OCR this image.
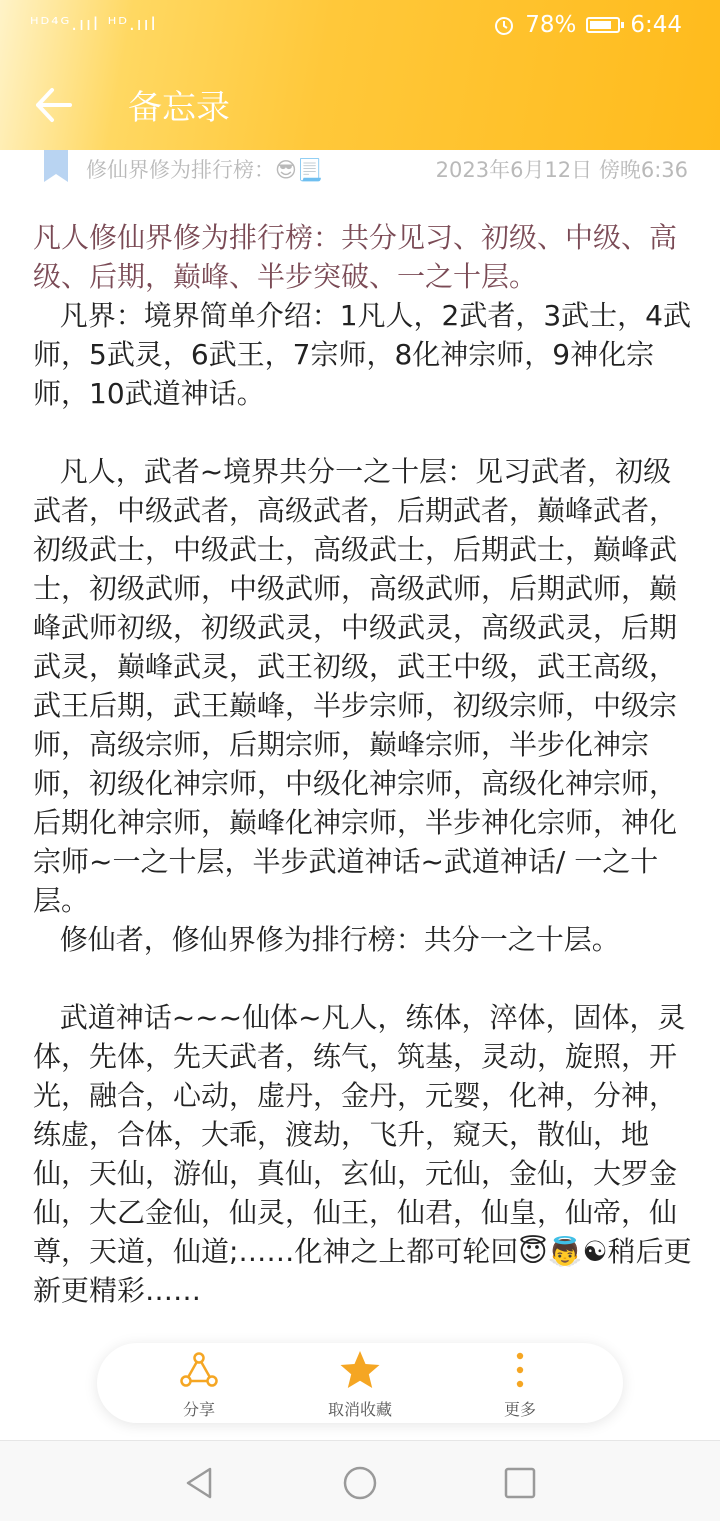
ᴴᴰ⁴ᴳ.ııl ᴴᴰ.ııl	78% 6:44
备忘录
修仙界修为排行榜：😎📃	2023年6月12日 傍晚6:36

凡人修仙界修为排行榜：共分见习、初级、中级、高级、后期，巅峰、半步突破、一之十层。

凡界：境界简单介绍：1凡人，2武者，3武士，4武师，5武灵，6武王，7宗师，8化神宗师，9神化宗师，10武道神话。

凡人，武者~境界共分一之十层：见习武者，初级武者，中级武者，高级武者，后期武者，巅峰武者，初级武士，中级武士，高级武士，后期武士，巅峰武士，初级武师，中级武师，高级武师，后期武师，巅峰武师初级，初级武灵，中级武灵，高级武灵，后期武灵，巅峰武灵，武王初级，武王中级，武王高级，武王后期，武王巅峰，半步宗师，初级宗师，中级宗师，高级宗师，后期宗师，巅峰宗师，半步化神宗师，初级化神宗师，中级化神宗师，高级化神宗师，后期化神宗师，巅峰化神宗师，半步神化宗师，神化宗师~一之十层，半步武道神话~武道神话/ 一之十层。

修仙者，修仙界修为排行榜：共分一之十层。

武道神话~~~仙体~凡人，练体，淬体，固体，灵体，先体，先天武者，练气，筑基，灵动，旋照，开光，融合，心动，虚丹，金丹，元婴，化神，分神，练虚，合体，大乖，渡劫，飞升，窥天，散仙，地仙，天仙，游仙，真仙，玄仙，元仙，金仙，大罗金仙，大乙金仙，仙灵，仙王，仙君，仙皇，仙帝，仙尊，天道，仙道;……化神之上都可轮回😇👼☯稍后更新更精彩……

分享	取消收藏	更多
